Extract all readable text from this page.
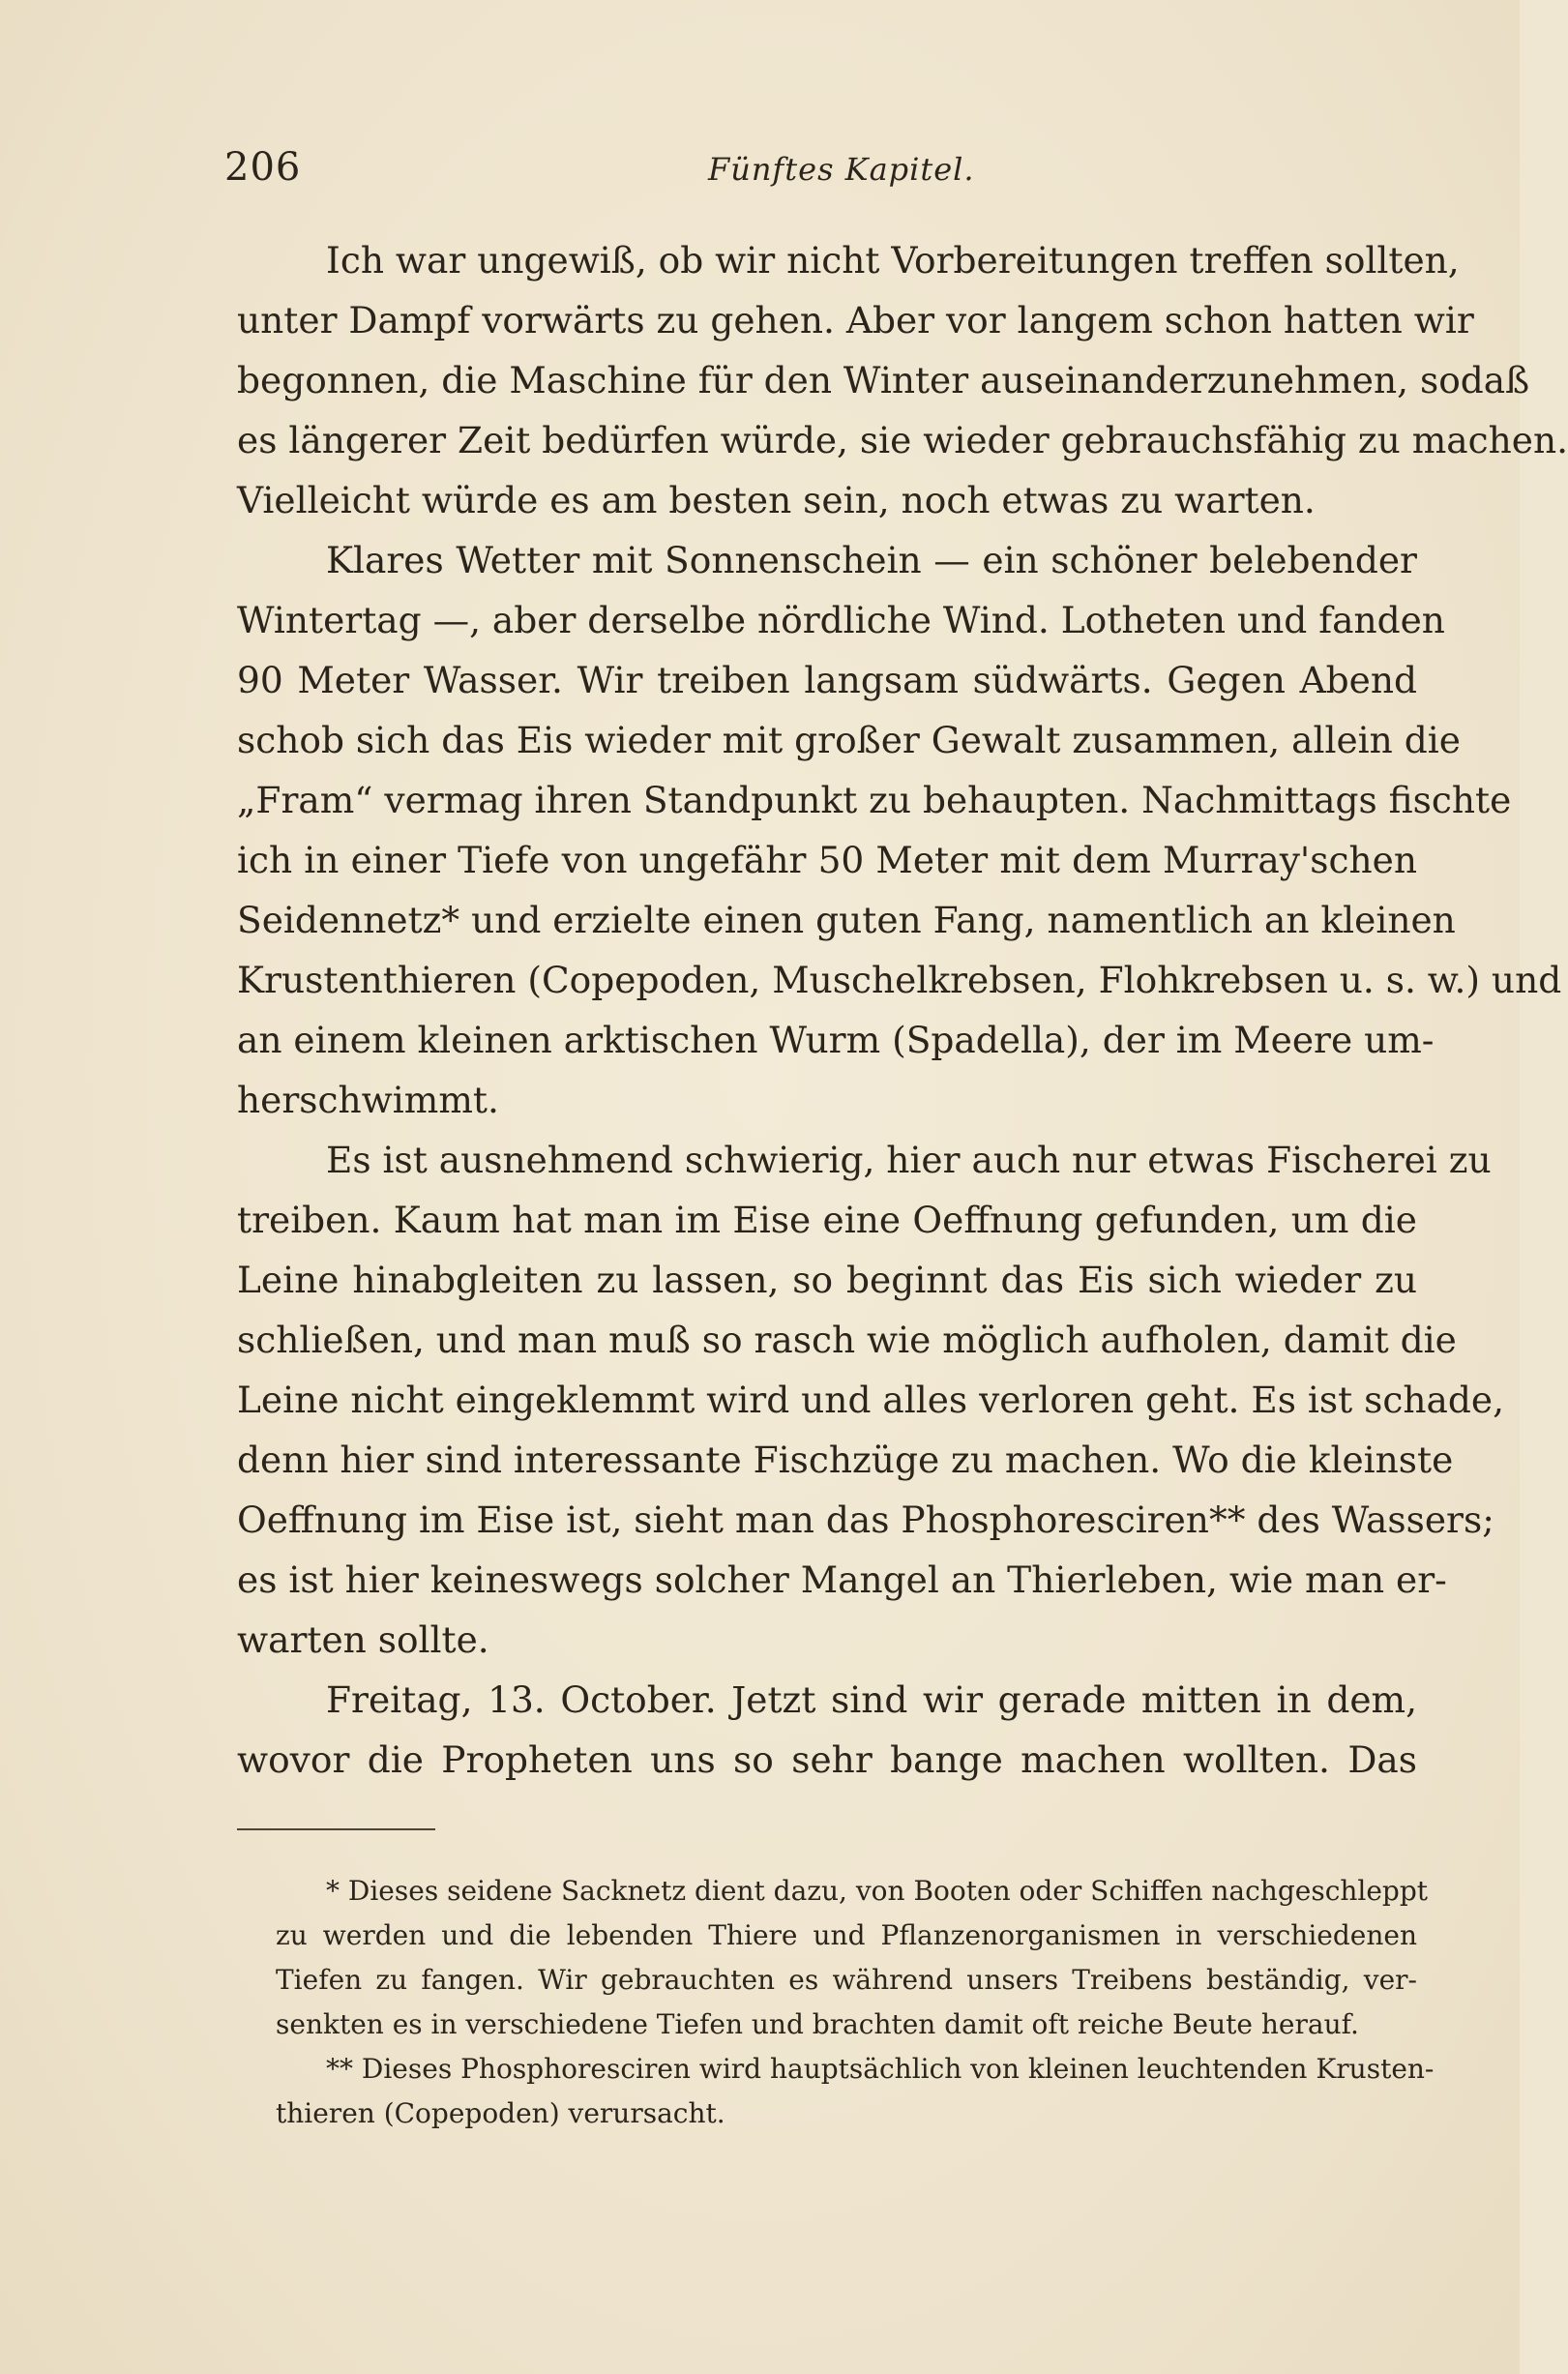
206	Fünftes Kapitel.
Ich war ungewiß, ob wir nicht Vorbereitungen treffen sollten,
unter Dampf vorwärts zu gehen. Aber vor langem schon hatten wir
begonnen, die Maschine für den Winter auseinanderzunehmen, sodaß
es längerer Zeit bedürfen würde, sie wieder gebrauchsfähig zu machen.
Vielleicht würde es am besten sein, noch etwas zu warten.
Klares Wetter mit Sonnenschein — ein schöner belebender
Wintertag —, aber derselbe nördliche Wind. Lotheten und fanden
90 Meter Wasser. Wir treiben langsam südwärts. Gegen Abend
schob sich das Eis wieder mit großer Gewalt zusammen, allein die
„Fram“ vermag ihren Standpunkt zu behaupten. Nachmittags fischte
ich in einer Tiefe von ungefähr 50 Meter mit dem Murray'schen
Seidennetz* und erzielte einen guten Fang, namentlich an kleinen
Krustenthieren (Copepoden, Muschelkrebsen, Flohkrebsen u. s. w.) und
an einem kleinen arktischen Wurm (Spadella), der im Meere um-
herschwimmt.
Es ist ausnehmend schwierig, hier auch nur etwas Fischerei zu
treiben. Kaum hat man im Eise eine Oeffnung gefunden, um die
Leine hinabgleiten zu lassen, so beginnt das Eis sich wieder zu
schließen, und man muß so rasch wie möglich aufholen, damit die
Leine nicht eingeklemmt wird und alles verloren geht. Es ist schade,
denn hier sind interessante Fischzüge zu machen. Wo die kleinste
Oeffnung im Eise ist, sieht man das Phosphoresciren** des Wassers;
es ist hier keineswegs solcher Mangel an Thierleben, wie man er-
warten sollte.
Freitag, 13. October. Jetzt sind wir gerade mitten in dem,
wovor die Propheten uns so sehr bange machen wollten. Das
* Dieses seidene Sacknetz dient dazu, von Booten oder Schiffen nachgeschleppt
zu werden und die lebenden Thiere und Pflanzenorganismen in verschiedenen
Tiefen zu fangen. Wir gebrauchten es während unsers Treibens beständig, ver-
senkten es in verschiedene Tiefen und brachten damit oft reiche Beute herauf.
** Dieses Phosphoresciren wird hauptsächlich von kleinen leuchtenden Krusten-
thieren (Copepoden) verursacht.
